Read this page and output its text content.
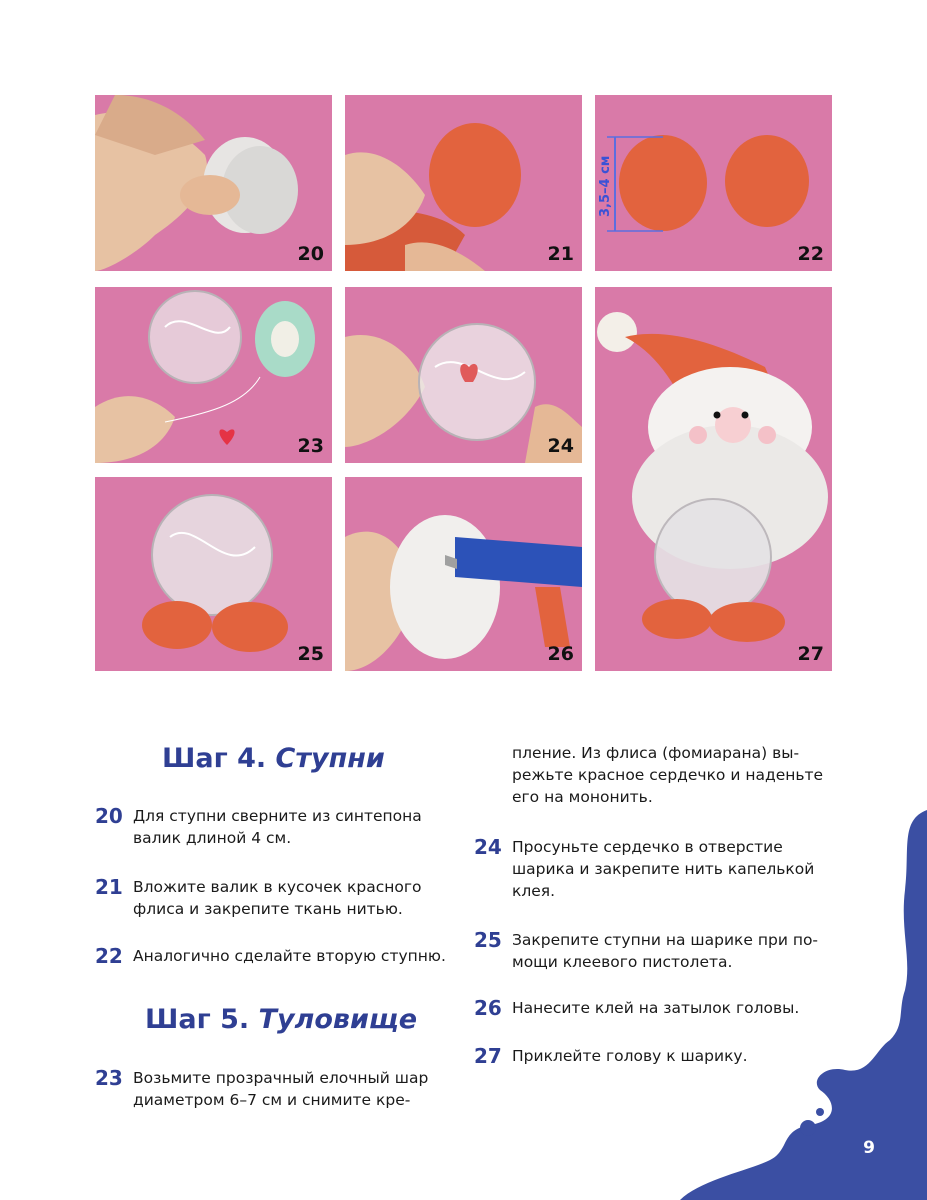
20	21
3,5–4 см
22
23	24
27
25	26
Шаг 4. Ступни
20 Для ступни сверните из синтепона
валик длиной 4 см.
21 Вложите валик в кусочек красного
флиса и закрепите ткань нитью.
22 Аналогично сделайте вторую ступню.
Шаг 5. Туловище
23 Возьмите прозрачный елочный шар
диаметром 6–7 см и снимите кре-
пление. Из флиса (фомиарана) вы-
режьте красное сердечко и наденьте
его на мононить.
24 Просуньте сердечко в отверстие
шарика и закрепите нить капелькой
клея.
25 Закрепите ступни на шарике при по-
мощи клеевого пистолета.
26 Нанесите клей на затылок головы.
27 Приклейте голову к шарику.
9
